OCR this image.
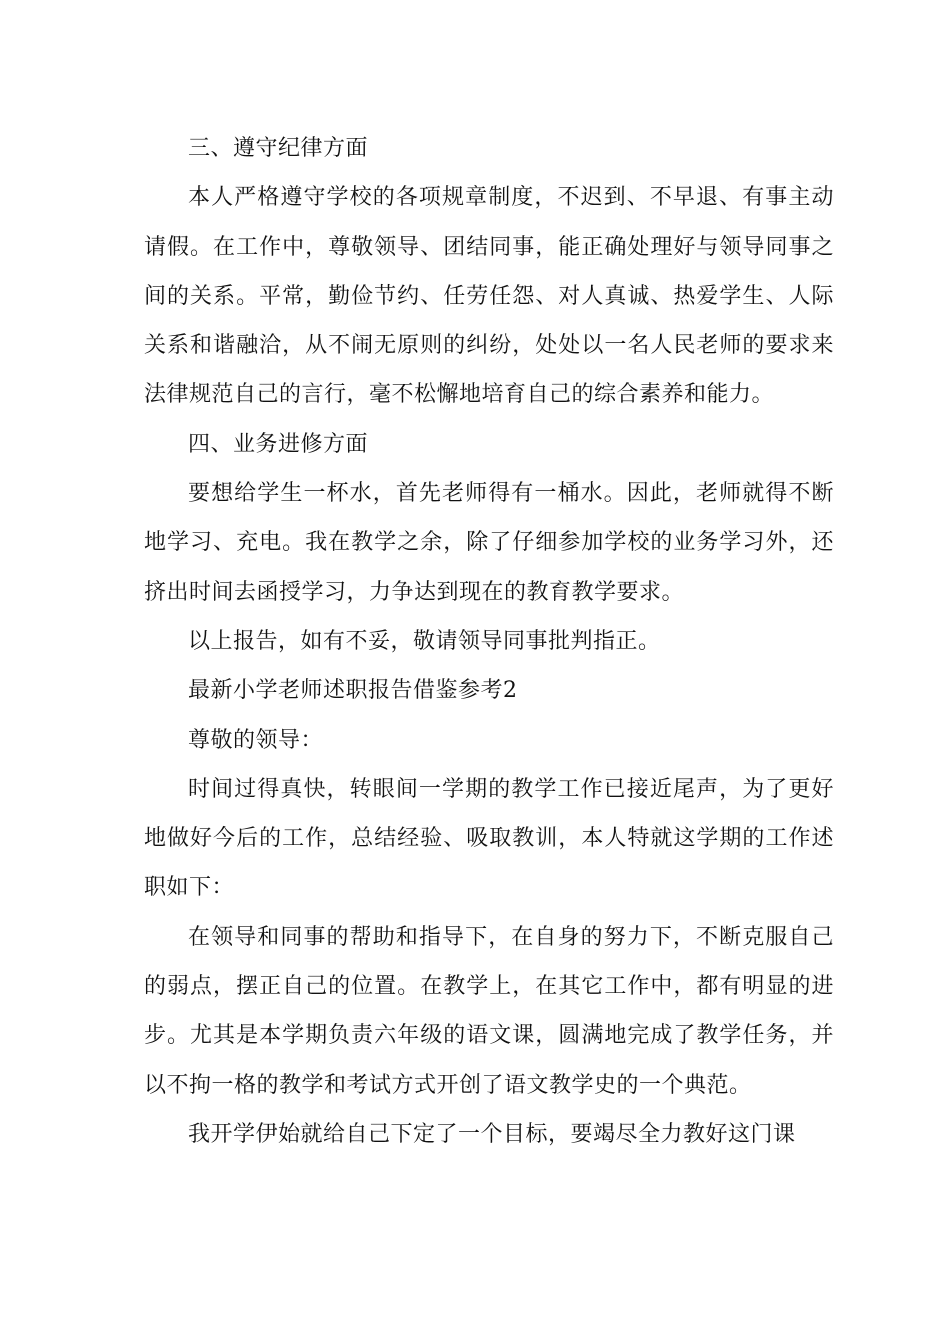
三、遵守纪律方面

本人严格遵守学校的各项规章制度，不迟到、不早退、有事主动请假。在工作中，尊敬领导、团结同事，能正确处理好与领导同事之间的关系。平常，勤俭节约、任劳任怨、对人真诚、热爱学生、人际关系和谐融洽，从不闹无原则的纠纷，处处以一名人民老师的要求来法律规范自己的言行，毫不松懈地培育自己的综合素养和能力。

四、业务进修方面

要想给学生一杯水，首先老师得有一桶水。因此，老师就得不断地学习、充电。我在教学之余，除了仔细参加学校的业务学习外，还挤出时间去函授学习，力争达到现在的教育教学要求。

以上报告，如有不妥，敬请领导同事批判指正。

最新小学老师述职报告借鉴参考2

尊敬的领导：

时间过得真快，转眼间一学期的教学工作已接近尾声，为了更好地做好今后的工作，总结经验、吸取教训，本人特就这学期的工作述职如下：

在领导和同事的帮助和指导下，在自身的努力下，不断克服自己的弱点，摆正自己的位置。在教学上，在其它工作中，都有明显的进步。尤其是本学期负责六年级的语文课，圆满地完成了教学任务，并以不拘一格的教学和考试方式开创了语文教学史的一个典范。

我开学伊始就给自己下定了一个目标，要竭尽全力教好这门课
